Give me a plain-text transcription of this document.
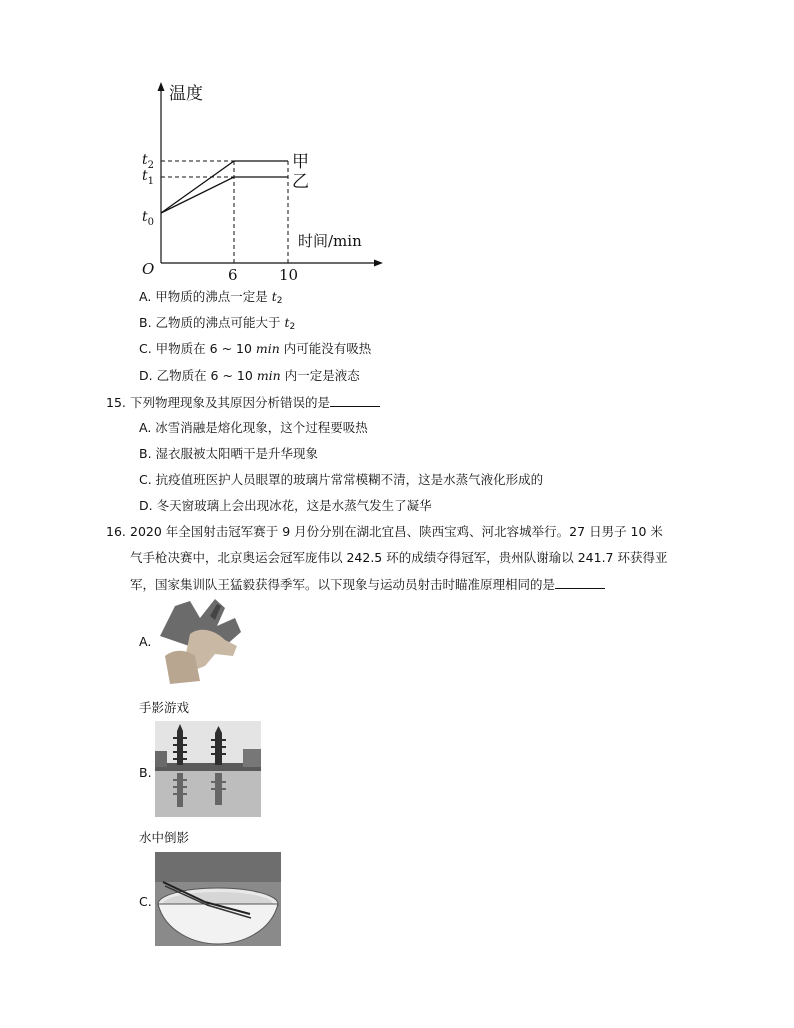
温度
时间/min
O
$t_0$
$t_1$
$t_2$
6	10
甲
乙
A. 甲物质的沸点一定是 $t_2$
B. 乙物质的沸点可能大于 $t_2$
C. 甲物质在 6 ~ 10 min 内可能没有吸热
D. 乙物质在 6 ~ 10 min 内一定是液态
15. 下列物理现象及其原因分析错误的是
A. 冰雪消融是熔化现象，这个过程要吸热
B. 湿衣服被太阳晒干是升华现象
C. 抗疫值班医护人员眼罩的玻璃片常常模糊不清，这是水蒸气液化形成的
D. 冬天窗玻璃上会出现冰花，这是水蒸气发生了凝华
16. 2020 年全国射击冠军赛于 9 月份分别在湖北宜昌、陕西宝鸡、河北容城举行。27 日男子 10 米
气手枪决赛中，北京奥运会冠军庞伟以 242.5 环的成绩夺得冠军，贵州队谢瑜以 241.7 环获得亚
军，国家集训队王猛毅获得季军。以下现象与运动员射击时瞄准原理相同的是
A.
手影游戏
B.
水中倒影
C.
